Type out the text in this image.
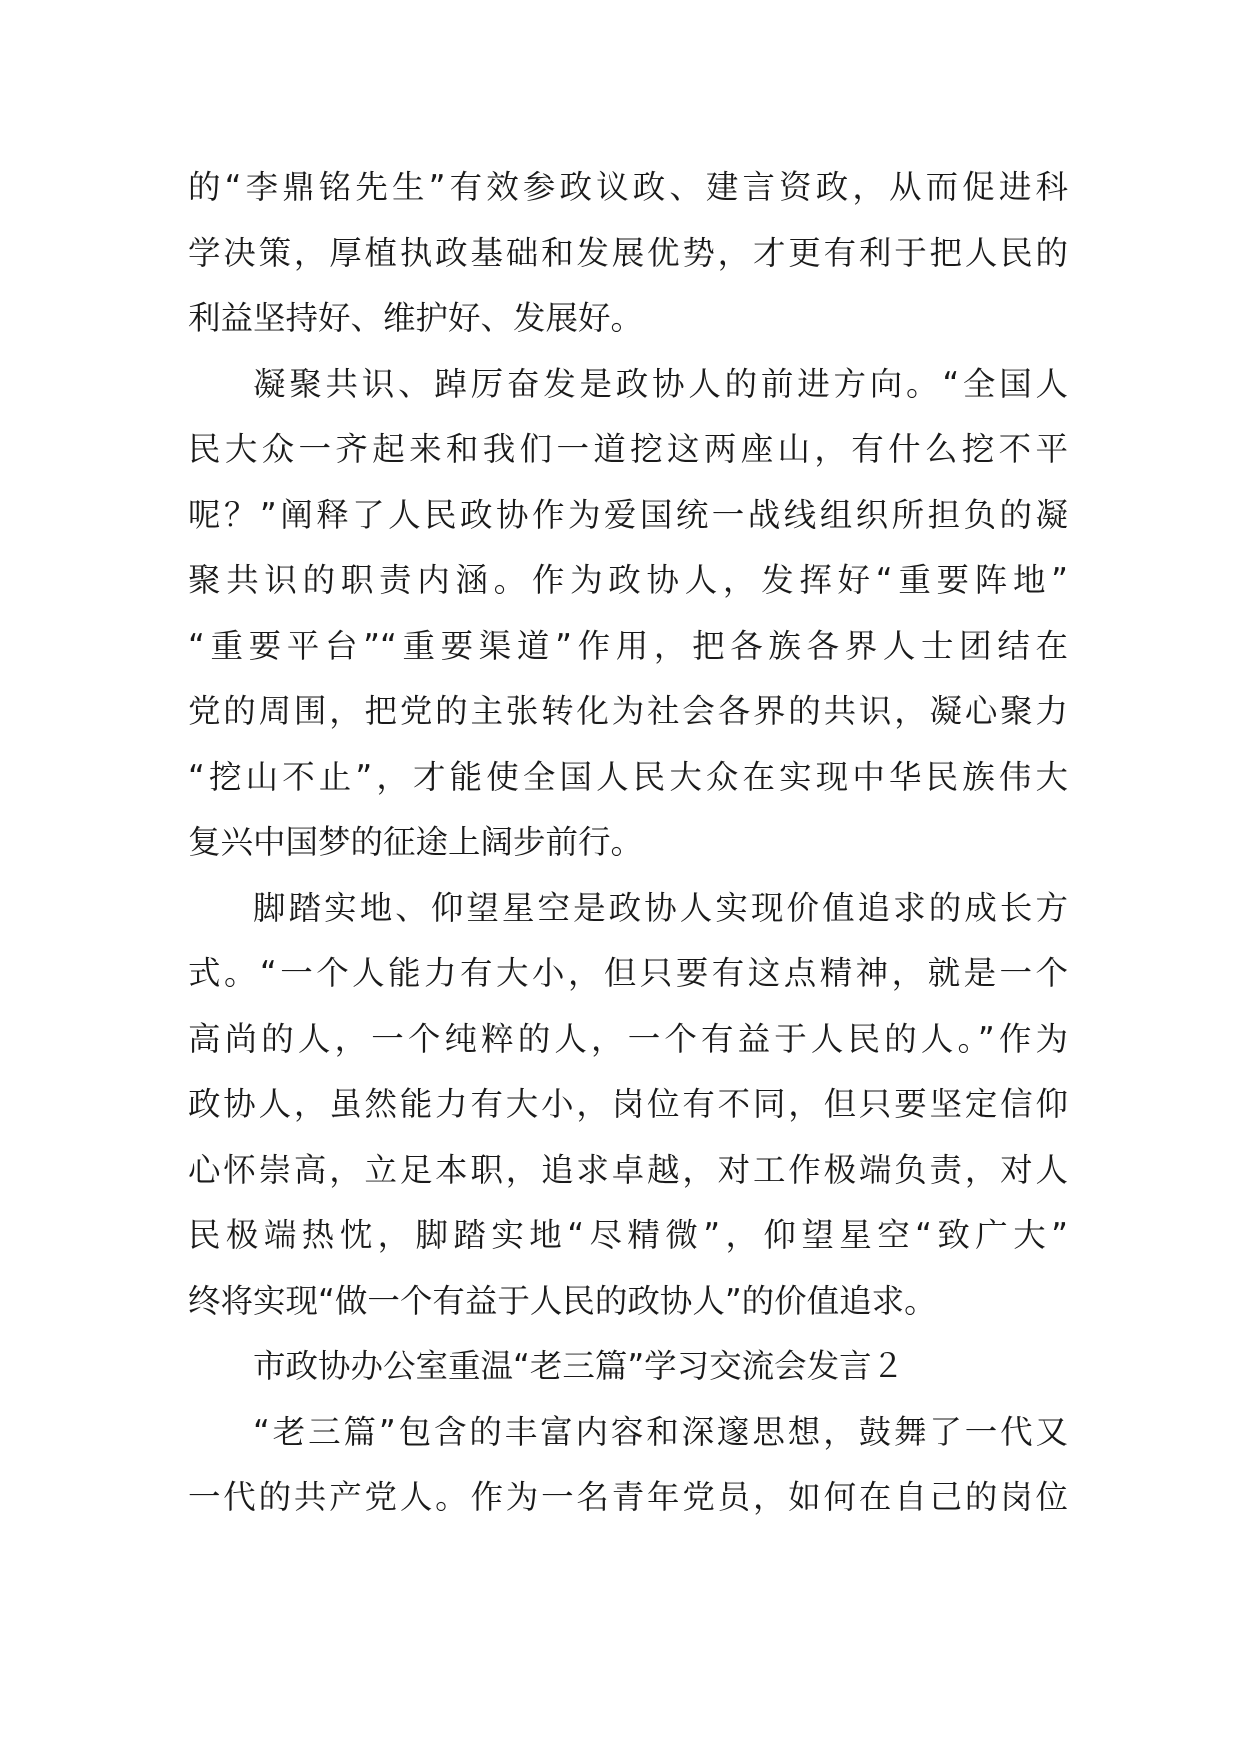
的“李鼎铭先生”有效参政议政、建言资政，从而促进科
学决策，厚植执政基础和发展优势，才更有利于把人民的
利益坚持好、维护好、发展好。
凝聚共识、踔厉奋发是政协人的前进方向。“全国人
民大众一齐起来和我们一道挖这两座山，有什么挖不平
呢？”阐释了人民政协作为爱国统一战线组织所担负的凝
聚共识的职责内涵。作为政协人，发挥好“重要阵地”
“重要平台”“重要渠道”作用，把各族各界人士团结在
党的周围，把党的主张转化为社会各界的共识，凝心聚力
“挖山不止”，才能使全国人民大众在实现中华民族伟大
复兴中国梦的征途上阔步前行。
脚踏实地、仰望星空是政协人实现价值追求的成长方
式。“一个人能力有大小，但只要有这点精神，就是一个
高尚的人，一个纯粹的人，一个有益于人民的人。”作为
政协人，虽然能力有大小，岗位有不同，但只要坚定信仰
心怀崇高，立足本职，追求卓越，对工作极端负责，对人
民极端热忱，脚踏实地“尽精微”，仰望星空“致广大”
终将实现“做一个有益于人民的政协人”的价值追求。
市政协办公室重温“老三篇”学习交流会发言２
“老三篇”包含的丰富内容和深邃思想，鼓舞了一代又
一代的共产党人。作为一名青年党员，如何在自己的岗位
